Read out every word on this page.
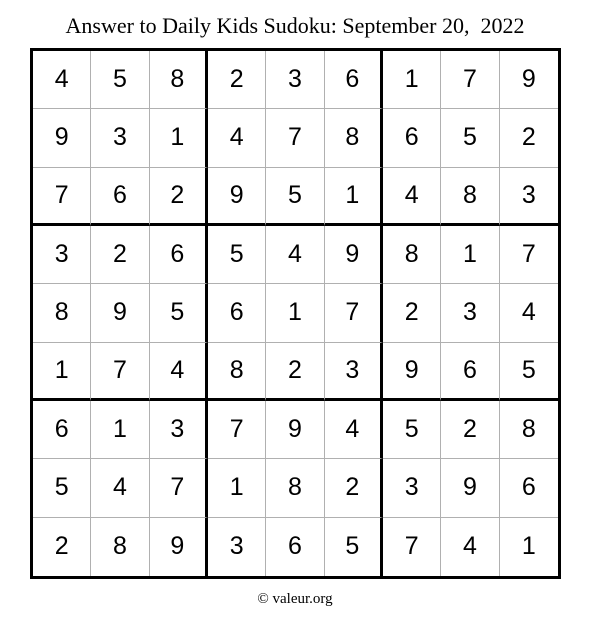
Answer to Daily Kids Sudoku: September 20,  2022
4	5	8	2	3	6	1	7	9
9	3	1	4	7	8	6	5	2
7	6	2	9	5	1	4	8	3
3	2	6	5	4	9	8	1	7
8	9	5	6	1	7	2	3	4
1	7	4	8	2	3	9	6	5
6	1	3	7	9	4	5	2	8
5	4	7	1	8	2	3	9	6
2	8	9	3	6	5	7	4	1
© valeur.org
